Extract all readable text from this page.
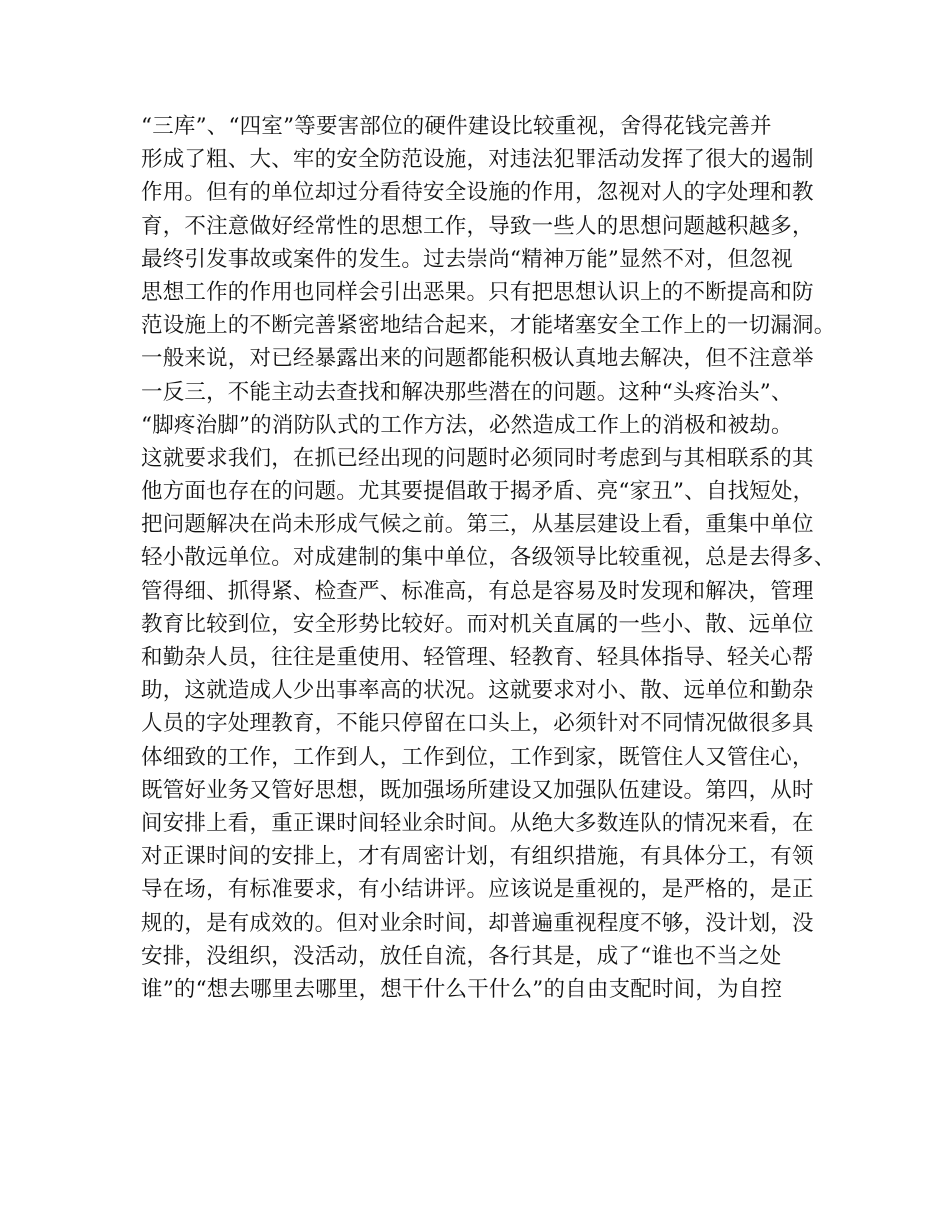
“三库”、“四室”等要害部位的硬件建设比较重视，舍得花钱完善并
形成了粗、大、牢的安全防范设施，对违法犯罪活动发挥了很大的遏制
作用。但有的单位却过分看待安全设施的作用，忽视对人的字处理和教
育，不注意做好经常性的思想工作，导致一些人的思想问题越积越多，
最终引发事故或案件的发生。过去崇尚“精神万能”显然不对，但忽视
思想工作的作用也同样会引出恶果。只有把思想认识上的不断提高和防
范设施上的不断完善紧密地结合起来，才能堵塞安全工作上的一切漏洞。
一般来说，对已经暴露出来的问题都能积极认真地去解决，但不注意举
一反三，不能主动去查找和解决那些潜在的问题。这种“头疼治头”、
“脚疼治脚”的消防队式的工作方法，必然造成工作上的消极和被劫。
这就要求我们，在抓已经出现的问题时必须同时考虑到与其相联系的其
他方面也存在的问题。尤其要提倡敢于揭矛盾、亮“家丑”、自找短处，
把问题解决在尚未形成气候之前。第三，从基层建设上看，重集中单位
轻小散远单位。对成建制的集中单位，各级领导比较重视，总是去得多、
管得细、抓得紧、检查严、标准高，有总是容易及时发现和解决，管理
教育比较到位，安全形势比较好。而对机关直属的一些小、散、远单位
和勤杂人员，往往是重使用、轻管理、轻教育、轻具体指导、轻关心帮
助，这就造成人少出事率高的状况。这就要求对小、散、远单位和勤杂
人员的字处理教育，不能只停留在口头上，必须针对不同情况做很多具
体细致的工作，工作到人，工作到位，工作到家，既管住人又管住心，
既管好业务又管好思想，既加强场所建设又加强队伍建设。第四，从时
间安排上看，重正课时间轻业余时间。从绝大多数连队的情况来看，在
对正课时间的安排上，才有周密计划，有组织措施，有具体分工，有领
导在场，有标准要求，有小结讲评。应该说是重视的，是严格的，是正
规的，是有成效的。但对业余时间，却普遍重视程度不够，没计划，没
安排，没组织，没活动，放任自流，各行其是，成了“谁也不当之处
谁”的“想去哪里去哪里，想干什么干什么”的自由支配时间，为自控
